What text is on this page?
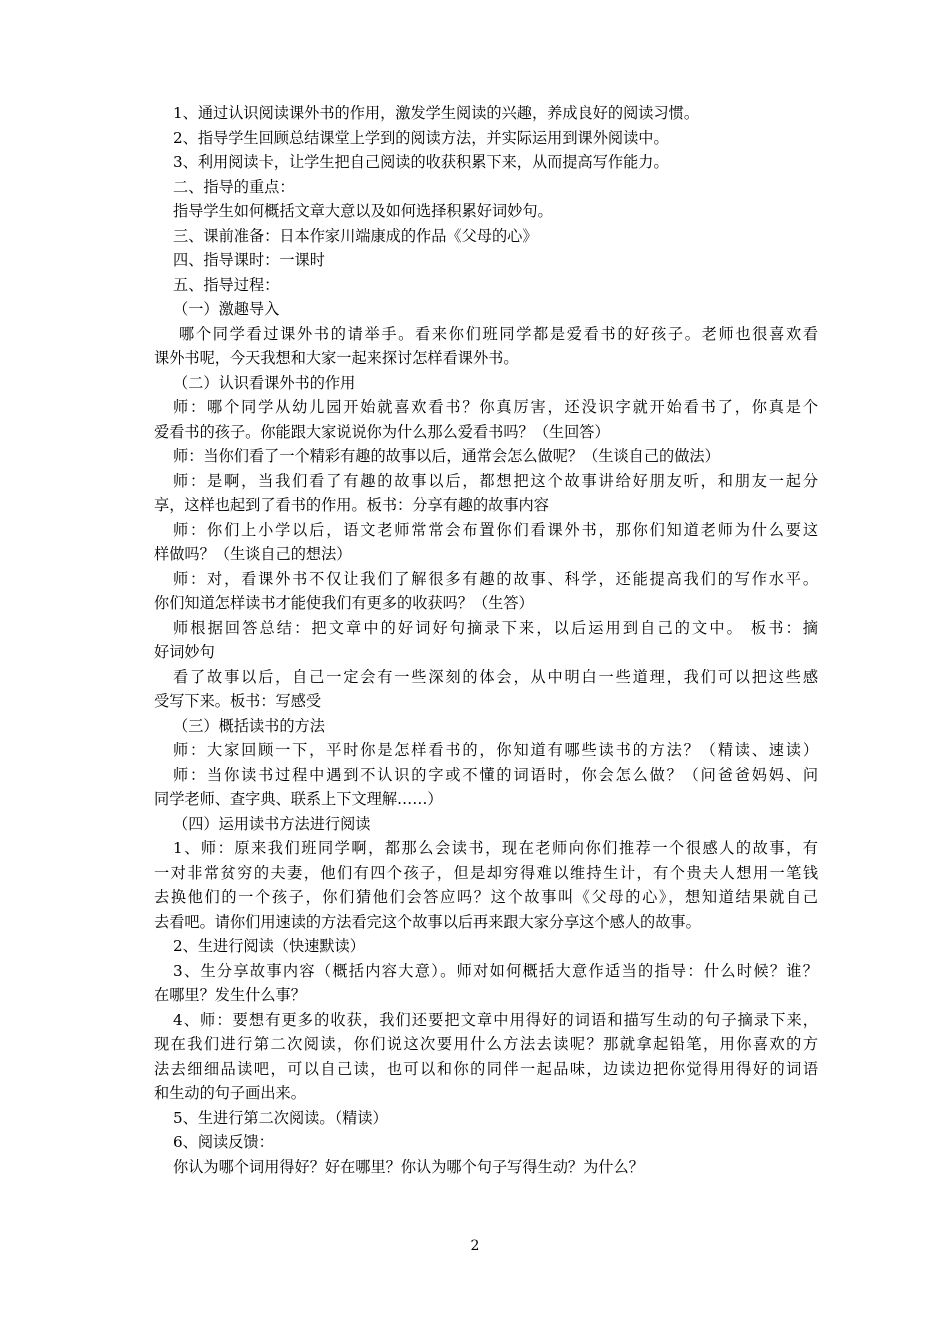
1、通过认识阅读课外书的作用，激发学生阅读的兴趣，养成良好的阅读习惯。
2、指导学生回顾总结课堂上学到的阅读方法，并实际运用到课外阅读中。
3、利用阅读卡，让学生把自己阅读的收获积累下来，从而提高写作能力。
二、指导的重点：
指导学生如何概括文章大意以及如何选择积累好词妙句。
三、课前准备：日本作家川端康成的作品《父母的心》
四、指导课时：一课时
五、指导过程：
（一）激趣导入
哪个同学看过课外书的请举手。看来你们班同学都是爱看书的好孩子。老师也很喜欢看
课外书呢，今天我想和大家一起来探讨怎样看课外书。
（二）认识看课外书的作用
师：哪个同学从幼儿园开始就喜欢看书？你真厉害，还没识字就开始看书了，你真是个
爱看书的孩子。你能跟大家说说你为什么那么爱看书吗？（生回答）
师：当你们看了一个精彩有趣的故事以后，通常会怎么做呢？（生谈自己的做法）
师：是啊，当我们看了有趣的故事以后，都想把这个故事讲给好朋友听，和朋友一起分
享，这样也起到了看书的作用。板书：分享有趣的故事内容
师：你们上小学以后，语文老师常常会布置你们看课外书，那你们知道老师为什么要这
样做吗？（生谈自己的想法）
师：对，看课外书不仅让我们了解很多有趣的故事、科学，还能提高我们的写作水平。
你们知道怎样读书才能使我们有更多的收获吗？（生答）
师根据回答总结：把文章中的好词好句摘录下来，以后运用到自己的文中。 板书：摘
好词妙句
看了故事以后，自己一定会有一些深刻的体会，从中明白一些道理，我们可以把这些感
受写下来。板书：写感受
（三）概括读书的方法
师：大家回顾一下，平时你是怎样看书的，你知道有哪些读书的方法？（精读、速读）
师：当你读书过程中遇到不认识的字或不懂的词语时，你会怎么做？（问爸爸妈妈、问
同学老师、查字典、联系上下文理解……）
（四）运用读书方法进行阅读
1、师：原来我们班同学啊，都那么会读书，现在老师向你们推荐一个很感人的故事，有
一对非常贫穷的夫妻，他们有四个孩子，但是却穷得难以维持生计，有个贵夫人想用一笔钱
去换他们的一个孩子，你们猜他们会答应吗？这个故事叫《父母的心》，想知道结果就自己
去看吧。请你们用速读的方法看完这个故事以后再来跟大家分享这个感人的故事。
2、生进行阅读（快速默读）
3、生分享故事内容（概括内容大意）。师对如何概括大意作适当的指导：什么时候？谁？
在哪里？发生什么事？
4、师：要想有更多的收获，我们还要把文章中用得好的词语和描写生动的句子摘录下来，
现在我们进行第二次阅读，你们说这次要用什么方法去读呢？那就拿起铅笔，用你喜欢的方
法去细细品读吧，可以自己读，也可以和你的同伴一起品味，边读边把你觉得用得好的词语
和生动的句子画出来。
5、生进行第二次阅读。（精读）
6、阅读反馈：
你认为哪个词用得好？好在哪里？你认为哪个句子写得生动？为什么？
2
